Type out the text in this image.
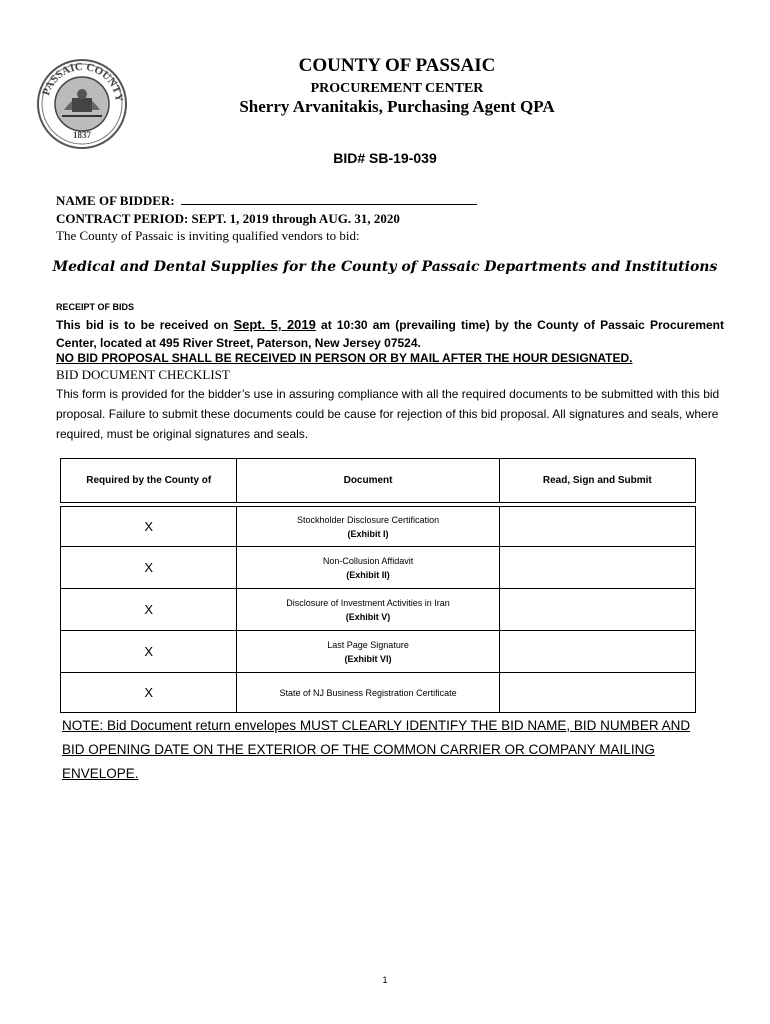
PASSAIC COUNTY
1837
COUNTY OF PASSAIC
PROCUREMENT CENTER
Sherry Arvanitakis, Purchasing Agent QPA
BID# SB-19-039
NAME OF BIDDER:
CONTRACT PERIOD: SEPT. 1, 2019 through AUG. 31, 2020
The County of Passaic is inviting qualified vendors to bid:
Medical and Dental Supplies for the County of Passaic Departments and Institutions
RECEIPT OF BIDS
This bid is to be received on Sept. 5, 2019 at 10:30 am (prevailing time) by the County of Passaic Procurement Center, located at 495 River Street, Paterson, New Jersey 07524.
NO BID PROPOSAL SHALL BE RECEIVED IN PERSON OR BY MAIL AFTER THE HOUR DESIGNATED.
BID DOCUMENT CHECKLIST
This form is provided for the bidder’s use in assuring compliance with all the required documents to be submitted with this bid proposal. Failure to submit these documents could be cause for rejection of this bid proposal. All signatures and seals, where required, must be original signatures and seals.
Required by the County of	Document	Read, Sign and Submit

X	Stockholder Disclosure Certification
(Exhibit I)	
X	Non-Collusion Affidavit
(Exhibit II)	
X	Disclosure of Investment Activities in Iran
(Exhibit V)	
X	Last Page Signature
(Exhibit VI)	
X	State of NJ Business Registration Certificate	
NOTE: Bid Document return envelopes MUST CLEARLY IDENTIFY THE BID NAME, BID NUMBER AND BID OPENING DATE ON THE EXTERIOR OF THE COMMON CARRIER OR COMPANY MAILING ENVELOPE.
1
